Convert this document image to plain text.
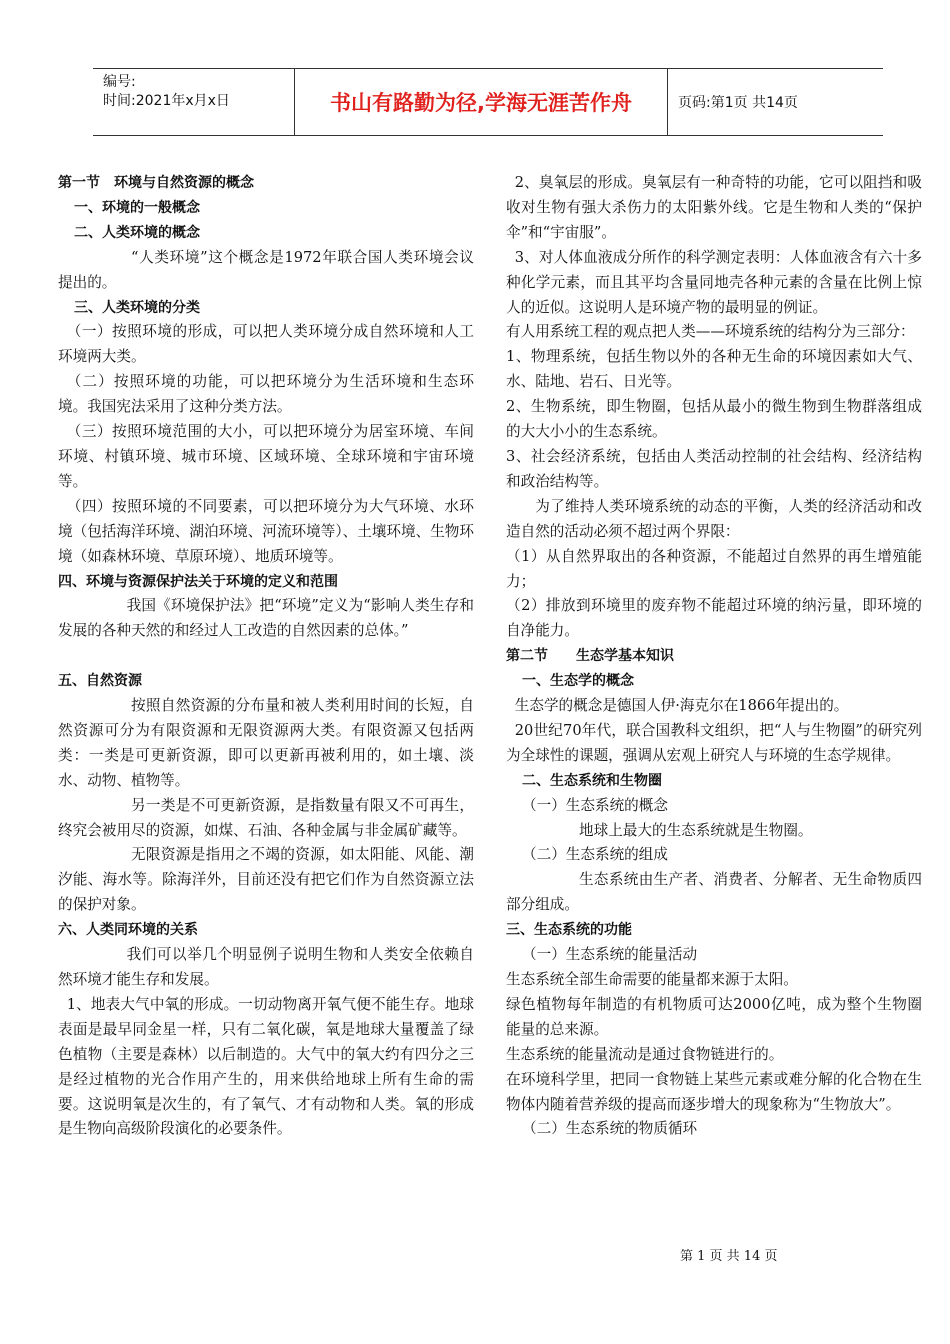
编号:
时间:2021年x月x日	书山有路勤为径,学海无涯苦作舟	页码:第1页 共14页

第一节　环境与自然资源的概念

一、环境的一般概念

二、人类环境的概念

“人类环境”这个概念是1972年联合国人类环境会议提出的。

三、人类环境的分类

（一）按照环境的形成，可以把人类环境分成自然环境和人工环境两大类。

（二）按照环境的功能，可以把环境分为生活环境和生态环境。我国宪法采用了这种分类方法。

（三）按照环境范围的大小，可以把环境分为居室环境、车间环境、村镇环境、城市环境、区域环境、全球环境和宇宙环境等。

（四）按照环境的不同要素，可以把环境分为大气环境、水环境（包括海洋环境、湖泊环境、河流环境等）、土壤环境、生物环境（如森林环境、草原环境）、地质环境等。

四、环境与资源保护法关于环境的定义和范围

我国《环境保护法》把“环境”定义为“影响人类生存和发展的各种天然的和经过人工改造的自然因素的总体。”

五、自然资源

按照自然资源的分布量和被人类利用时间的长短，自然资源可分为有限资源和无限资源两大类。有限资源又包括两类：一类是可更新资源，即可以更新再被利用的，如土壤、淡水、动物、植物等。

另一类是不可更新资源，是指数量有限又不可再生，终究会被用尽的资源，如煤、石油、各种金属与非金属矿藏等。

无限资源是指用之不竭的资源，如太阳能、风能、潮汐能、海水等。除海洋外，目前还没有把它们作为自然资源立法的保护对象。

六、人类同环境的关系

我们可以举几个明显例子说明生物和人类安全依赖自然环境才能生存和发展。

1、地表大气中氧的形成。一切动物离开氧气便不能生存。地球表面是最早同金星一样，只有二氧化碳，氧是地球大量覆盖了绿色植物（主要是森林）以后制造的。大气中的氧大约有四分之三是经过植物的光合作用产生的，用来供给地球上所有生命的需要。这说明氧是次生的，有了氧气、才有动物和人类。氧的形成是生物向高级阶段演化的必要条件。

2、臭氧层的形成。臭氧层有一种奇特的功能，它可以阻挡和吸收对生物有强大杀伤力的太阳紫外线。它是生物和人类的“保护伞”和“宇宙服”。

3、对人体血液成分所作的科学测定表明：人体血液含有六十多种化学元素，而且其平均含量同地壳各种元素的含量在比例上惊人的近似。这说明人是环境产物的最明显的例证。

有人用系统工程的观点把人类——环境系统的结构分为三部分：

1、物理系统，包括生物以外的各种无生命的环境因素如大气、水、陆地、岩石、日光等。

2、生物系统，即生物圈，包括从最小的微生物到生物群落组成的大大小小的生态系统。

3、社会经济系统，包括由人类活动控制的社会结构、经济结构和政治结构等。

为了维持人类环境系统的动态的平衡，人类的经济活动和改造自然的活动必须不超过两个界限：

（1）从自然界取出的各种资源，不能超过自然界的再生增殖能力；

（2）排放到环境里的废弃物不能超过环境的纳污量，即环境的自净能力。

第二节　　生态学基本知识

一、生态学的概念

生态学的概念是德国人伊·海克尔在1866年提出的。

20世纪70年代，联合国教科文组织，把“人与生物圈”的研究列为全球性的课题，强调从宏观上研究人与环境的生态学规律。

二、生态系统和生物圈

（一）生态系统的概念

地球上最大的生态系统就是生物圈。

（二）生态系统的组成

生态系统由生产者、消费者、分解者、无生命物质四部分组成。

三、生态系统的功能

（一）生态系统的能量活动

生态系统全部生命需要的能量都来源于太阳。

绿色植物每年制造的有机物质可达2000亿吨，成为整个生物圈能量的总来源。

生态系统的能量流动是通过食物链进行的。

在环境科学里，把同一食物链上某些元素或难分解的化合物在生物体内随着营养级的提高而逐步增大的现象称为“生物放大”。

（二）生态系统的物质循环

第 1 页 共 14 页
